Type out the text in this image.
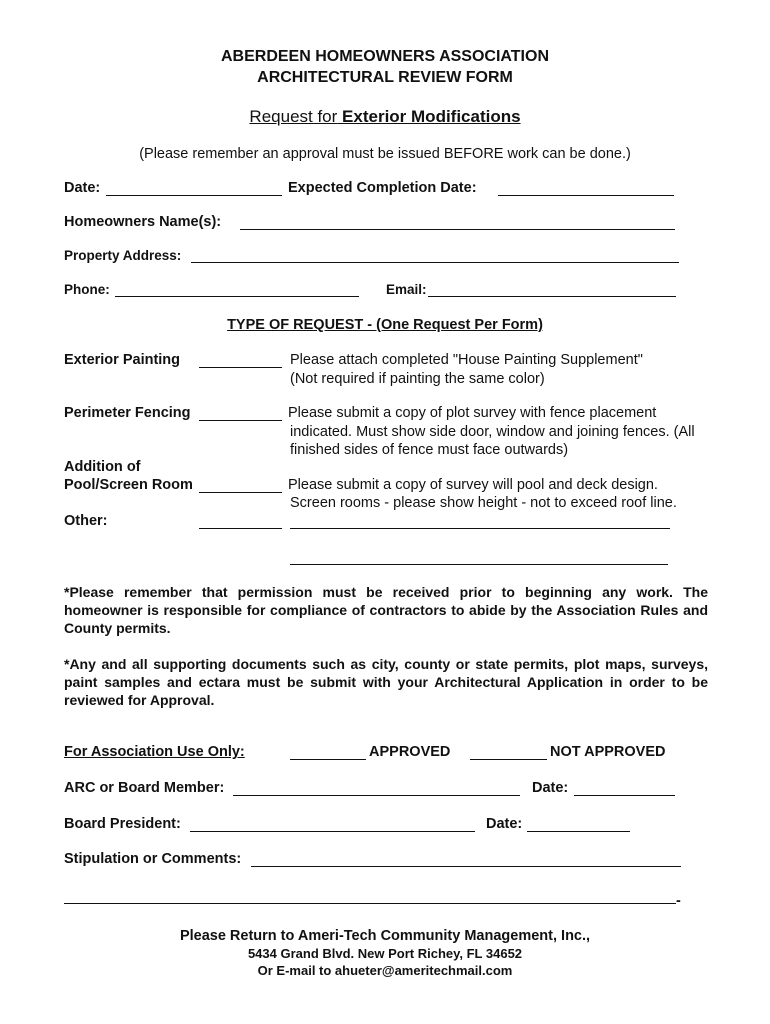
ABERDEEN HOMEOWNERS ASSOCIATION
ARCHITECTURAL REVIEW FORM
Request for Exterior Modifications
(Please remember an approval must be issued BEFORE work can be done.)
Date:	Expected Completion Date:
Homeowners Name(s):
Property Address:
Phone:	Email:
TYPE OF REQUEST - (One Request Per Form)
Exterior Painting	Please attach completed "House Painting Supplement"
(Not required if painting the same color)
Perimeter Fencing	Please submit a copy of plot survey with fence placement
indicated. Must show side door, window and joining fences. (All
finished sides of fence must face outwards)
Addition of
Pool/Screen Room	Please submit a copy of survey will pool and deck design.
Screen rooms - please show height - not to exceed roof line.
Other:
*Please remember that permission must be received prior to beginning any work. The homeowner is responsible for compliance of contractors to abide by the Association Rules and County permits.
*Any and all supporting documents such as city, county or state permits, plot maps, surveys, paint samples and ectara must be submit with your Architectural Application in order to be reviewed for Approval.
For Association Use Only:	APPROVED	NOT APPROVED
ARC or Board Member:	Date:
Board President:	Date:
Stipulation or Comments:
-
Please Return to Ameri-Tech Community Management, Inc.,
5434 Grand Blvd. New Port Richey, FL 34652
Or E-mail to ahueter@ameritechmail.com
